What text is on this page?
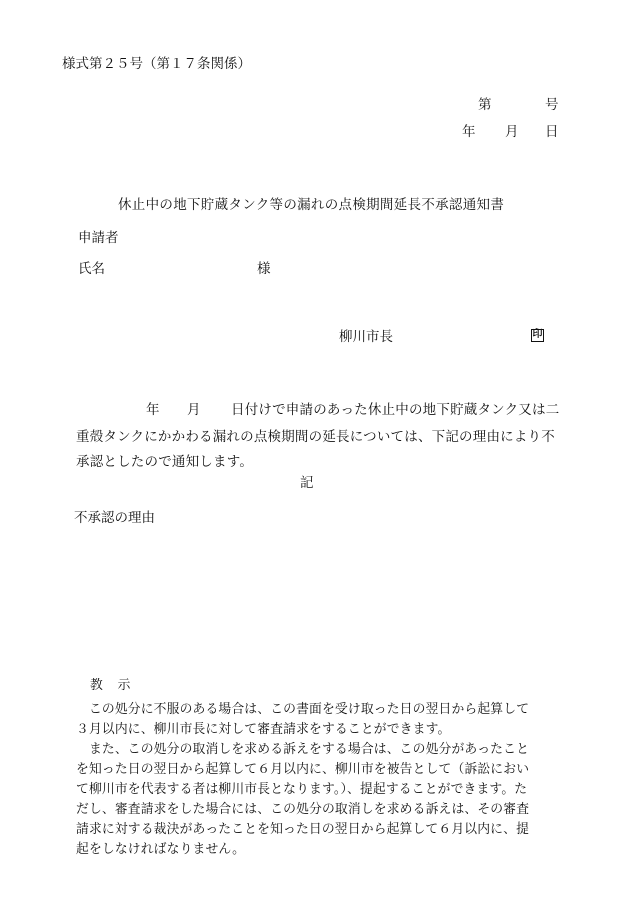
様式第２５号（第１７条関係）
第	号
年 月 日
休止中の地下貯蔵タンク等の漏れの点検期間延長不承認通知書
申請者
氏名	様
柳川市長	印
年 月 日付けで申請のあった休止中の地下貯蔵タンク又は二
重殻タンクにかかわる漏れの点検期間の延長については、下記の理由により不
承認としたので通知します。
記
不承認の理由
教　示
　この処分に不服のある場合は、この書面を受け取った日の翌日から起算して
３月以内に、柳川市長に対して審査請求をすることができます。
　また、この処分の取消しを求める訴えをする場合は、この処分があったこと
を知った日の翌日から起算して６月以内に、柳川市を被告として（訴訟におい
て柳川市を代表する者は柳川市長となります。）、提起することができます。た
だし、審査請求をした場合には、この処分の取消しを求める訴えは、その審査
請求に対する裁決があったことを知った日の翌日から起算して６月以内に、提
起をしなければなりません。
